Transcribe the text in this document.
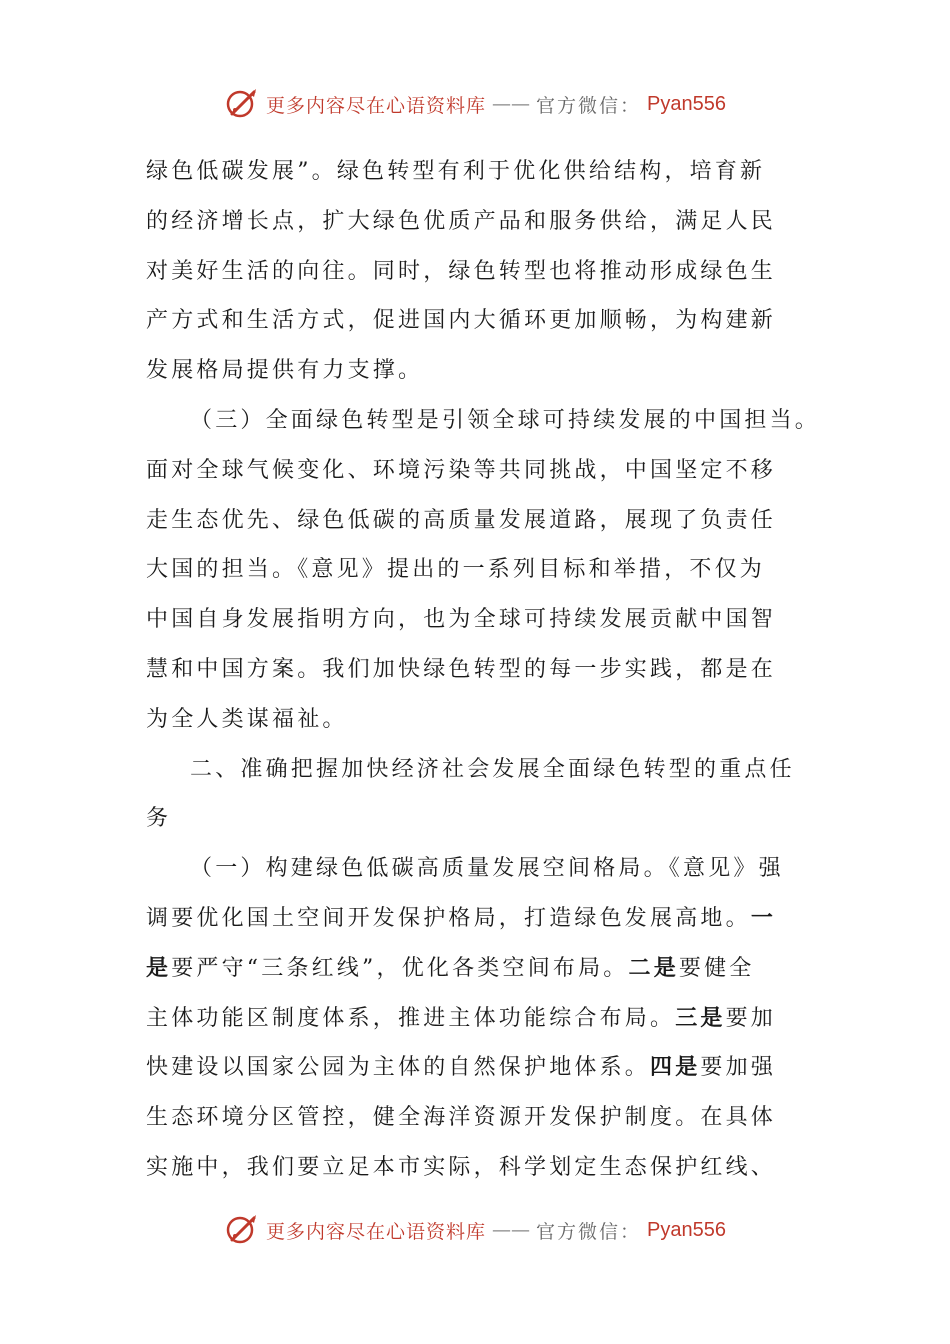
更多内容尽在心语资料库 —— 官方微信： Pyan556
绿色低碳发展”。绿色转型有利于优化供给结构，培育新
的经济增长点，扩大绿色优质产品和服务供给，满足人民
对美好生活的向往。同时，绿色转型也将推动形成绿色生
产方式和生活方式，促进国内大循环更加顺畅，为构建新
发展格局提供有力支撑。
（三）全面绿色转型是引领全球可持续发展的中国担当。
面对全球气候变化、环境污染等共同挑战，中国坚定不移
走生态优先、绿色低碳的高质量发展道路，展现了负责任
大国的担当。《意见》提出的一系列目标和举措，不仅为
中国自身发展指明方向，也为全球可持续发展贡献中国智
慧和中国方案。我们加快绿色转型的每一步实践，都是在
为全人类谋福祉。
二、准确把握加快经济社会发展全面绿色转型的重点任
务
（一）构建绿色低碳高质量发展空间格局。《意见》强
调要优化国土空间开发保护格局，打造绿色发展高地。一
是要严守“三条红线”，优化各类空间布局。二是要健全
主体功能区制度体系，推进主体功能综合布局。三是要加
快建设以国家公园为主体的自然保护地体系。四是要加强
生态环境分区管控，健全海洋资源开发保护制度。在具体
实施中，我们要立足本市实际，科学划定生态保护红线、
更多内容尽在心语资料库 —— 官方微信： Pyan556
